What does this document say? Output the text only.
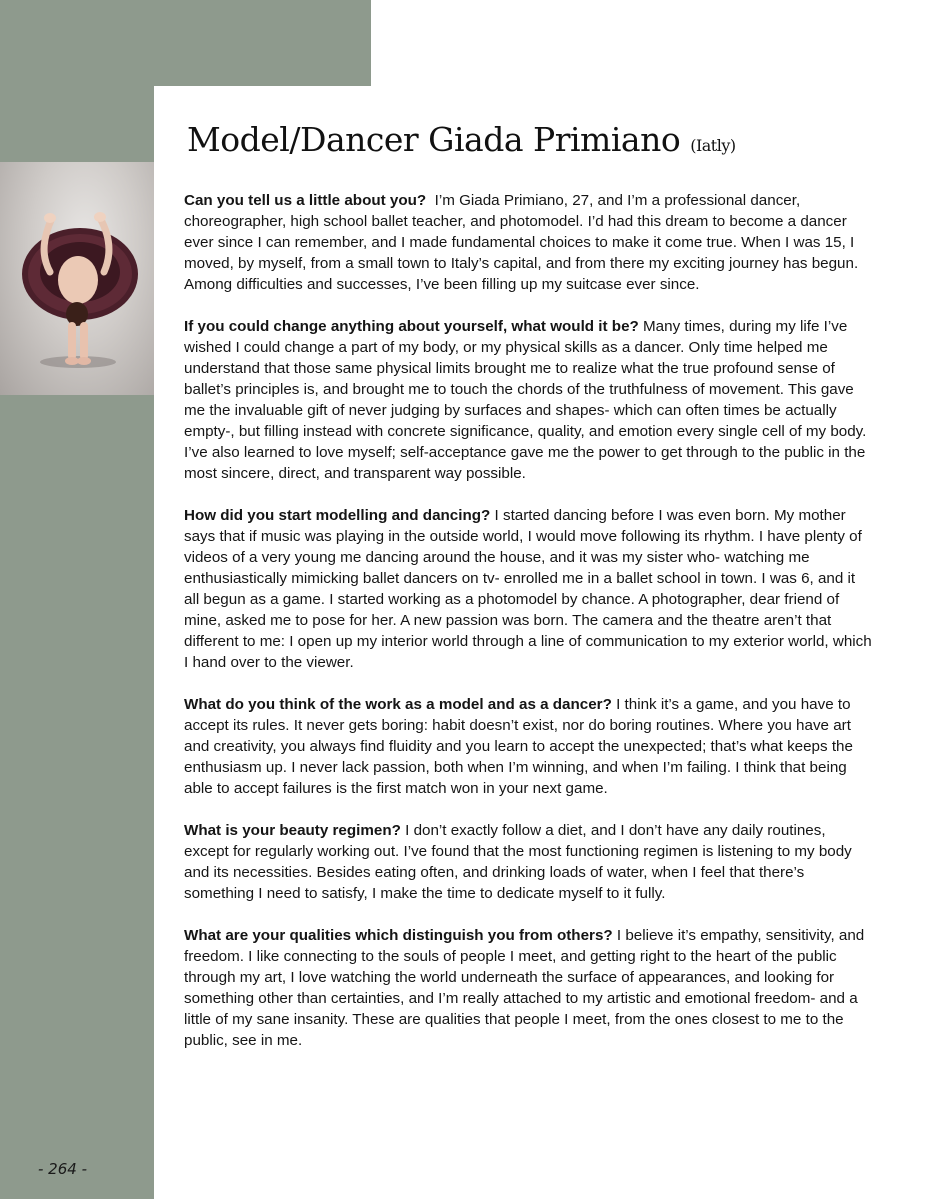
Model/Dancer Giada Primiano (Iatly)

Can you tell us a little about you? I’m Giada Primiano, 27, and I’m a professional dancer, choreographer, high school ballet teacher, and photomodel. I’d had this dream to become a dancer ever since I can remember, and I made fundamental choices to make it come true. When I was 15, I moved, by myself, from a small town to Italy’s capital, and from there my exciting journey has begun. Among difficulties and successes, I’ve been filling up my suitcase ever since.

If you could change anything about yourself, what would it be? Many times, during my life I’ve wished I could change a part of my body, or my physical skills as a dancer. Only time helped me understand that those same physical limits brought me to realize what the true profound sense of ballet’s principles is, and brought me to touch the chords of the truthfulness of movement. This gave me the invaluable gift of never judging by surfaces and shapes- which can often times be actually empty-, but filling instead with concrete significance, quality, and emotion every single cell of my body. I’ve also learned to love myself; self-acceptance gave me the power to get through to the public in the most sincere, direct, and transparent way possible.

How did you start modelling and dancing? I started dancing before I was even born. My mother says that if music was playing in the outside world, I would move following its rhythm. I have plenty of videos of a very young me dancing around the house, and it was my sister who- watching me enthusiastically mimicking ballet dancers on tv- enrolled me in a ballet school in town. I was 6, and it all begun as a game. I started working as a photomodel by chance. A photographer, dear friend of mine, asked me to pose for her. A new passion was born. The camera and the theatre aren’t that different to me: I open up my interior world through a line of communication to my exterior world, which I hand over to the viewer.

What do you think of the work as a model and as a dancer? I think it’s a game, and you have to accept its rules. It never gets boring: habit doesn’t exist, nor do boring routines. Where you have art and creativity, you always find fluidity and you learn to accept the unexpected; that’s what keeps the enthusiasm up. I never lack passion, both when I’m winning, and when I’m failing. I think that being able to accept failures is the first match won in your next game.

What is your beauty regimen? I don’t exactly follow a diet, and I don’t have any daily routines, except for regularly working out. I’ve found that the most functioning regimen is listening to my body and its necessities. Besides eating often, and drinking loads of water, when I feel that there’s something I need to satisfy, I make the time to dedicate myself to it fully.

What are your qualities which distinguish you from others? I believe it’s empathy, sensitivity, and freedom. I like connecting to the souls of people I meet, and getting right to the heart of the public through my art, I love watching the world underneath the surface of appearances, and looking for something other than certainties, and I’m really attached to my artistic and emotional freedom- and a little of my sane insanity. These are qualities that people I meet, from the ones closest to me to the public, see in me.

- 264 -
